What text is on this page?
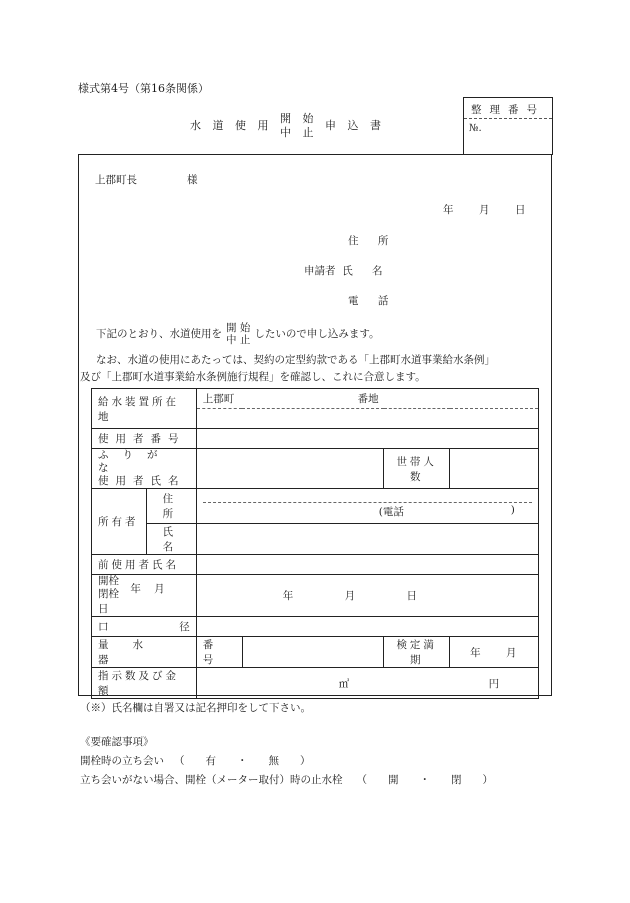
様式第4号（第16条関係）
水 道 使 用
開 始
中 止
申 込 書
整理番号
№.
上郡町長	様
年 月 日
住 所
申請者 氏 名
電 話
下記のとおり、水道使用を 開 始
中 止 したいので申し込みます。
なお、水道の使用にあたっては、契約の定型約款である「上郡町水道事業給水条例」
及び「上郡町水道事業給水条例施行規程」を確認し、これに合意します。
給水装置所在地		上郡町 番地			

使用者番号					

ふりがな
使用者氏名				世帯人数	
所有者	住 所	(電話 )			

	氏 名				
前使用者氏名					

開栓
閉栓 年 月 日		年 月 日			
口 径					

量水器		番 号		検定満期	年 月
指示数及び金額		㎥ 円			
（※）氏名欄は自署又は記名押印をして下さい。
《要確認事項》
開栓時の立ち会い （　　有　　・　　無　　）
立ち会いがない場合、開栓（メーター取付）時の止水栓 （　　開　　・　　閉　　）
